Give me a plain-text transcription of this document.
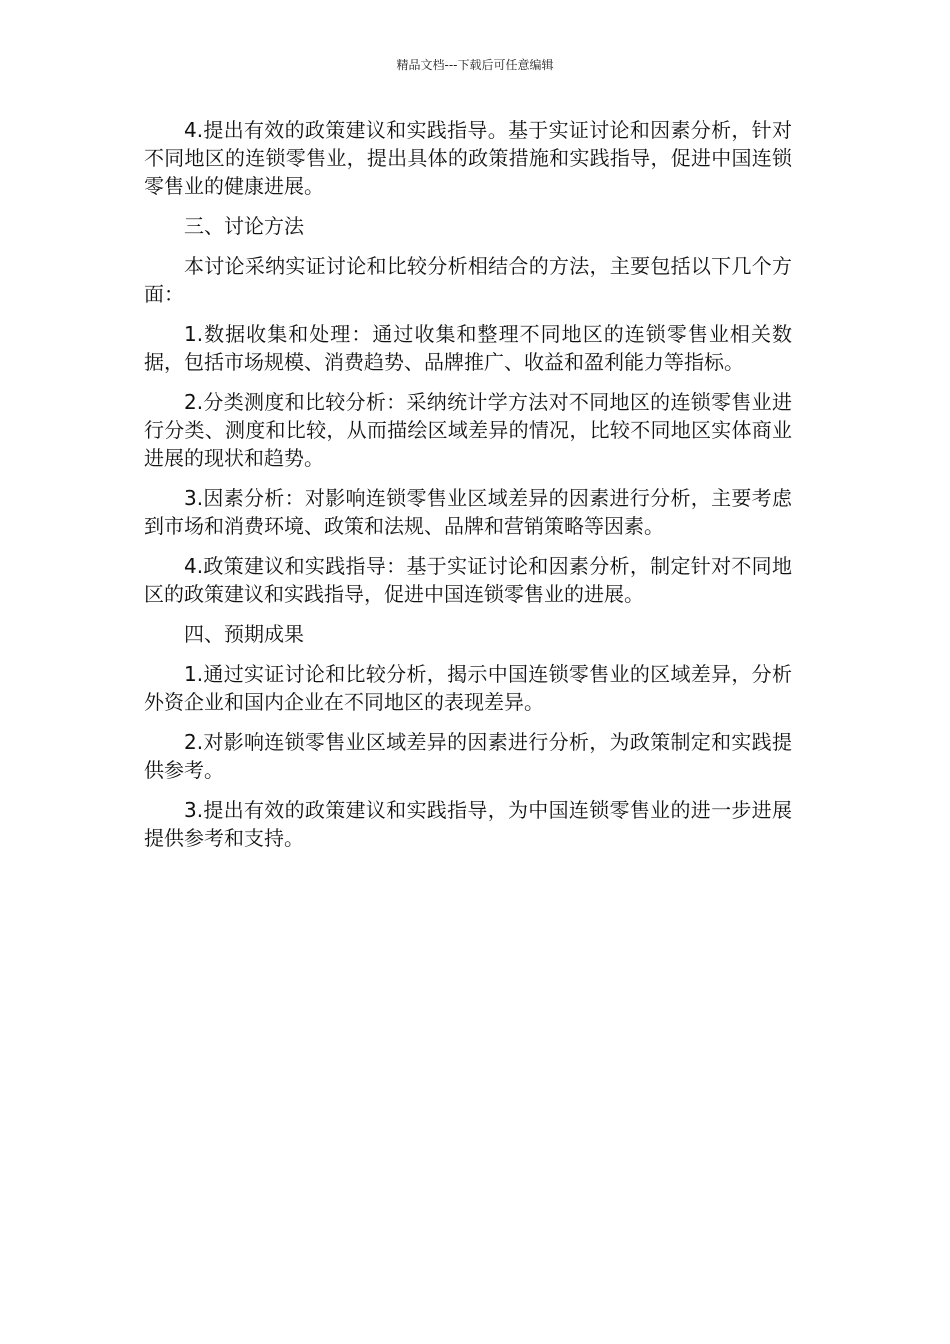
精品文档---下载后可任意编辑

4.提出有效的政策建议和实践指导。基于实证讨论和因素分析，针对不同地区的连锁零售业，提出具体的政策措施和实践指导，促进中国连锁零售业的健康进展。

三、讨论方法

本讨论采纳实证讨论和比较分析相结合的方法，主要包括以下几个方面：

1.数据收集和处理：通过收集和整理不同地区的连锁零售业相关数据，包括市场规模、消费趋势、品牌推广、收益和盈利能力等指标。

2.分类测度和比较分析：采纳统计学方法对不同地区的连锁零售业进行分类、测度和比较，从而描绘区域差异的情况，比较不同地区实体商业进展的现状和趋势。

3.因素分析：对影响连锁零售业区域差异的因素进行分析，主要考虑到市场和消费环境、政策和法规、品牌和营销策略等因素。

4.政策建议和实践指导：基于实证讨论和因素分析，制定针对不同地区的政策建议和实践指导，促进中国连锁零售业的进展。

四、预期成果

1.通过实证讨论和比较分析，揭示中国连锁零售业的区域差异，分析外资企业和国内企业在不同地区的表现差异。

2.对影响连锁零售业区域差异的因素进行分析，为政策制定和实践提供参考。

3.提出有效的政策建议和实践指导，为中国连锁零售业的进一步进展提供参考和支持。
